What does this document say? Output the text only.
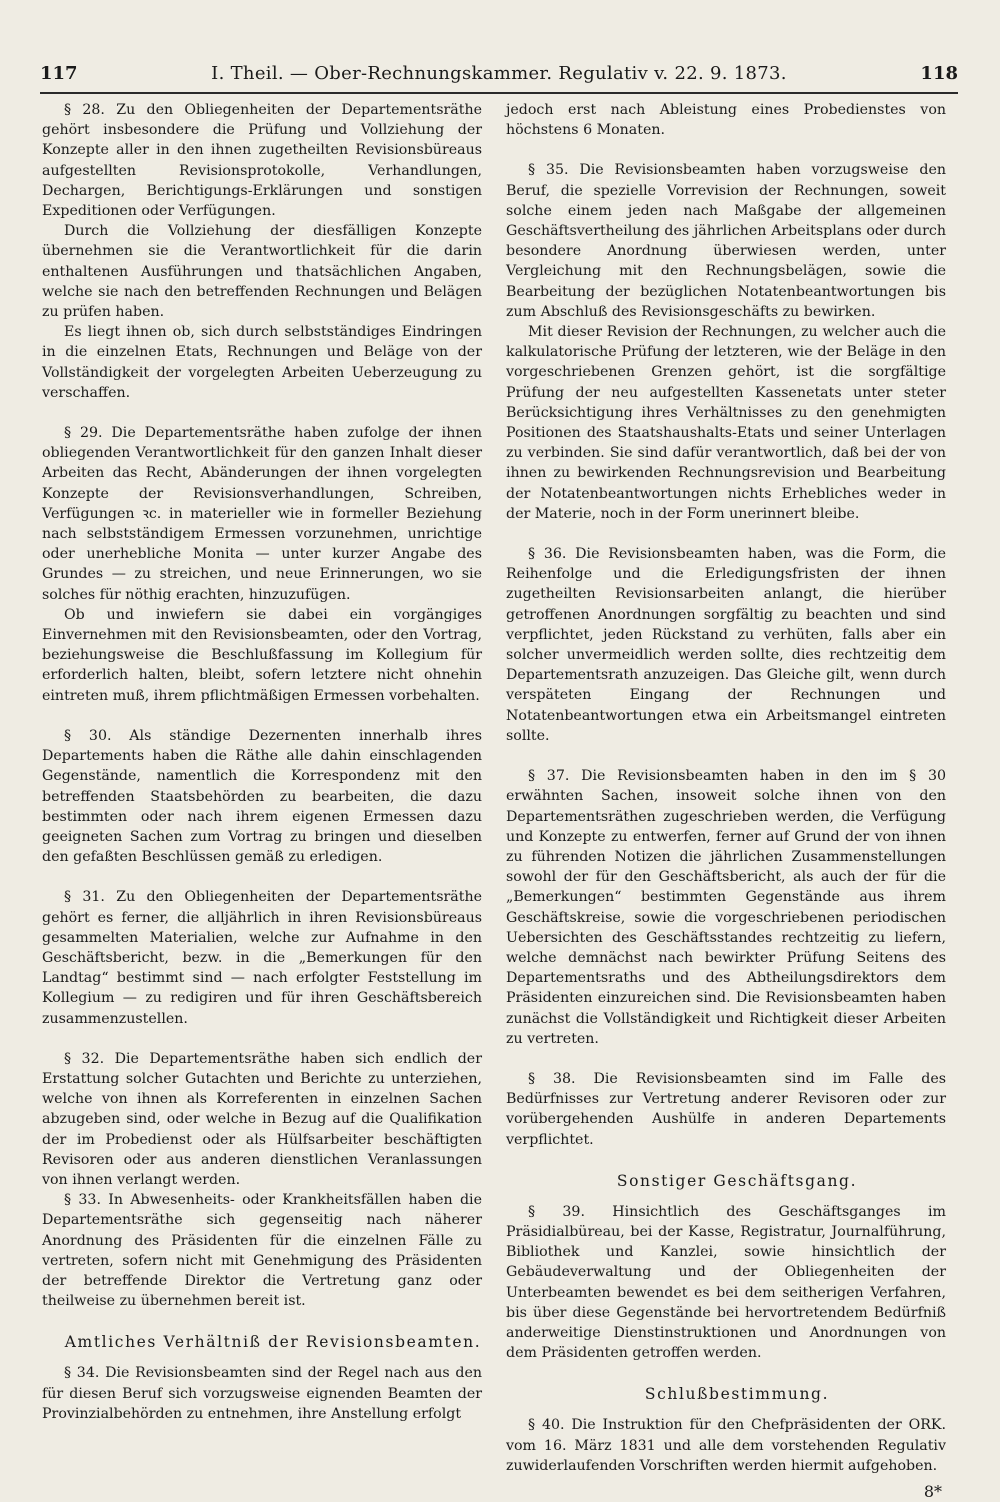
117	I. Theil. — Ober-Rechnungskammer. Regulativ v. 22. 9. 1873.	118

§ 28. Zu den Obliegenheiten der Departementsräthe gehört insbesondere die Prüfung und Vollziehung der Konzepte aller in den ihnen zugetheilten Revisionsbüreaus aufgestellten Revisionsprotokolle, Verhandlungen, Dechargen, Berichtigungs-Erklärungen und sonstigen Expeditionen oder Verfügungen.

Durch die Vollziehung der diesfälligen Konzepte übernehmen sie die Verantwortlichkeit für die darin enthaltenen Ausführungen und thatsächlichen Angaben, welche sie nach den betreffenden Rechnungen und Belägen zu prüfen haben.

Es liegt ihnen ob, sich durch selbstständiges Eindringen in die einzelnen Etats, Rechnungen und Beläge von der Vollständigkeit der vorgelegten Arbeiten Ueberzeugung zu verschaffen.

§ 29. Die Departementsräthe haben zufolge der ihnen obliegenden Verantwortlichkeit für den ganzen Inhalt dieser Arbeiten das Recht, Abänderungen der ihnen vorgelegten Konzepte der Revisionsverhandlungen, Schreiben, Verfügungen ꝛc. in materieller wie in formeller Beziehung nach selbstständigem Ermessen vorzunehmen, unrichtige oder unerhebliche Monita — unter kurzer Angabe des Grundes — zu streichen, und neue Erinnerungen, wo sie solches für nöthig erachten, hinzuzufügen.

Ob und inwiefern sie dabei ein vorgängiges Einvernehmen mit den Revisionsbeamten, oder den Vortrag, beziehungsweise die Beschlußfassung im Kollegium für erforderlich halten, bleibt, sofern letztere nicht ohnehin eintreten muß, ihrem pflichtmäßigen Ermessen vorbehalten.

§ 30. Als ständige Dezernenten innerhalb ihres Departements haben die Räthe alle dahin einschlagenden Gegenstände, namentlich die Korrespondenz mit den betreffenden Staatsbehörden zu bearbeiten, die dazu bestimmten oder nach ihrem eigenen Ermessen dazu geeigneten Sachen zum Vortrag zu bringen und dieselben den gefaßten Beschlüssen gemäß zu erledigen.

§ 31. Zu den Obliegenheiten der Departementsräthe gehört es ferner, die alljährlich in ihren Revisionsbüreaus gesammelten Materialien, welche zur Aufnahme in den Geschäftsbericht, bezw. in die „Bemerkungen für den Landtag“ bestimmt sind — nach erfolgter Feststellung im Kollegium — zu redigiren und für ihren Geschäftsbereich zusammenzustellen.

§ 32. Die Departementsräthe haben sich endlich der Erstattung solcher Gutachten und Berichte zu unterziehen, welche von ihnen als Korreferenten in einzelnen Sachen abzugeben sind, oder welche in Bezug auf die Qualifikation der im Probedienst oder als Hülfsarbeiter beschäftigten Revisoren oder aus anderen dienstlichen Veranlassungen von ihnen verlangt werden.

§ 33. In Abwesenheits- oder Krankheitsfällen haben die Departementsräthe sich gegenseitig nach näherer Anordnung des Präsidenten für die einzelnen Fälle zu vertreten, sofern nicht mit Genehmigung des Präsidenten der betreffende Direktor die Vertretung ganz oder theilweise zu übernehmen bereit ist.

Amtliches Verhältniß der Revisionsbeamten.

§ 34. Die Revisionsbeamten sind der Regel nach aus den für diesen Beruf sich vorzugsweise eignenden Beamten der Provinzialbehörden zu entnehmen, ihre Anstellung erfolgt

jedoch erst nach Ableistung eines Probedienstes von höchstens 6 Monaten.

§ 35. Die Revisionsbeamten haben vorzugsweise den Beruf, die spezielle Vorrevision der Rechnungen, soweit solche einem jeden nach Maßgabe der allgemeinen Geschäftsvertheilung des jährlichen Arbeitsplans oder durch besondere Anordnung überwiesen werden, unter Vergleichung mit den Rechnungsbelägen, sowie die Bearbeitung der bezüglichen Notatenbeantwortungen bis zum Abschluß des Revisionsgeschäfts zu bewirken.

Mit dieser Revision der Rechnungen, zu welcher auch die kalkulatorische Prüfung der letzteren, wie der Beläge in den vorgeschriebenen Grenzen gehört, ist die sorgfältige Prüfung der neu aufgestellten Kassenetats unter steter Berücksichtigung ihres Verhältnisses zu den genehmigten Positionen des Staatshaushalts-Etats und seiner Unterlagen zu verbinden. Sie sind dafür verantwortlich, daß bei der von ihnen zu bewirkenden Rechnungsrevision und Bearbeitung der Notatenbeantwortungen nichts Erhebliches weder in der Materie, noch in der Form unerinnert bleibe.

§ 36. Die Revisionsbeamten haben, was die Form, die Reihenfolge und die Erledigungsfristen der ihnen zugetheilten Revisionsarbeiten anlangt, die hierüber getroffenen Anordnungen sorgfältig zu beachten und sind verpflichtet, jeden Rückstand zu verhüten, falls aber ein solcher unvermeidlich werden sollte, dies rechtzeitig dem Departementsrath anzuzeigen. Das Gleiche gilt, wenn durch verspäteten Eingang der Rechnungen und Notatenbeantwortungen etwa ein Arbeitsmangel eintreten sollte.

§ 37. Die Revisionsbeamten haben in den im § 30 erwähnten Sachen, insoweit solche ihnen von den Departementsräthen zugeschrieben werden, die Verfügung und Konzepte zu entwerfen, ferner auf Grund der von ihnen zu führenden Notizen die jährlichen Zusammenstellungen sowohl der für den Geschäftsbericht, als auch der für die „Bemerkungen“ bestimmten Gegenstände aus ihrem Geschäftskreise, sowie die vorgeschriebenen periodischen Uebersichten des Geschäftsstandes rechtzeitig zu liefern, welche demnächst nach bewirkter Prüfung Seitens des Departementsraths und des Abtheilungsdirektors dem Präsidenten einzureichen sind. Die Revisionsbeamten haben zunächst die Vollständigkeit und Richtigkeit dieser Arbeiten zu vertreten.

§ 38. Die Revisionsbeamten sind im Falle des Bedürfnisses zur Vertretung anderer Revisoren oder zur vorübergehenden Aushülfe in anderen Departements verpflichtet.

Sonstiger Geschäftsgang.

§ 39. Hinsichtlich des Geschäftsganges im Präsidialbüreau, bei der Kasse, Registratur, Journalführung, Bibliothek und Kanzlei, sowie hinsichtlich der Gebäudeverwaltung und der Obliegenheiten der Unterbeamten bewendet es bei dem seitherigen Verfahren, bis über diese Gegenstände bei hervortretendem Bedürfniß anderweitige Dienstinstruktionen und Anordnungen von dem Präsidenten getroffen werden.

Schlußbestimmung.

§ 40. Die Instruktion für den Chefpräsidenten der ORK. vom 16. März 1831 und alle dem vorstehenden Regulativ zuwiderlaufenden Vorschriften werden hiermit aufgehoben.

8*
